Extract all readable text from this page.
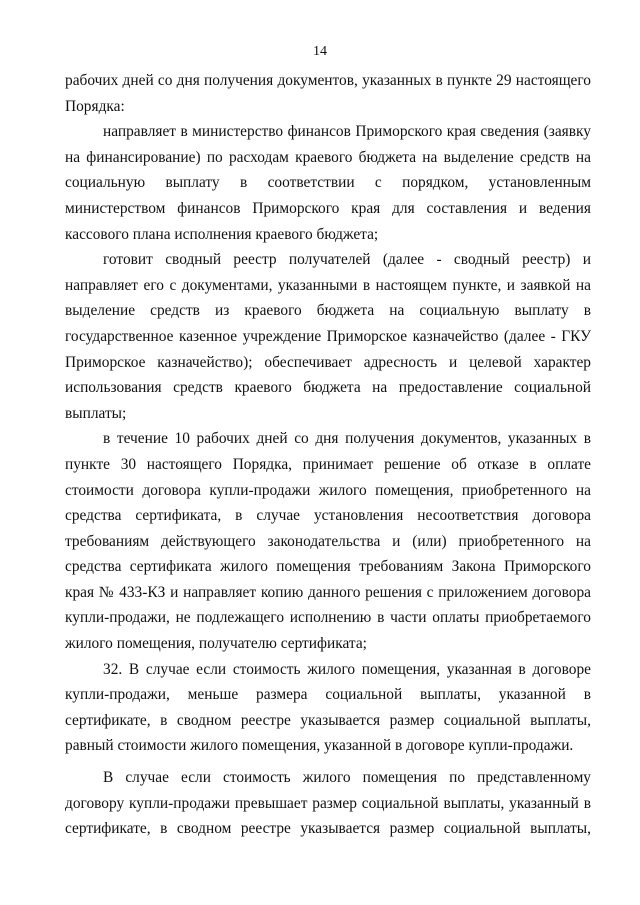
14
рабочих дней со дня получения документов, указанных в пункте 29 настоящего
Порядка:
направляет в министерство финансов Приморского края сведения (заявку
на финансирование) по расходам краевого бюджета на выделение средств на
социальную выплату в соответствии с порядком, установленным
министерством финансов Приморского края для составления и ведения
кассового плана исполнения краевого бюджета;
готовит сводный реестр получателей (далее - сводный реестр) и
направляет его с документами, указанными в настоящем пункте, и заявкой на
выделение средств из краевого бюджета на социальную выплату в
государственное казенное учреждение Приморское казначейство (далее - ГКУ
Приморское казначейство); обеспечивает адресность и целевой характер
использования средств краевого бюджета на предоставление социальной
выплаты;
в течение 10 рабочих дней со дня получения документов, указанных в
пункте 30 настоящего Порядка, принимает решение об отказе в оплате
стоимости договора купли-продажи жилого помещения, приобретенного на
средства сертификата, в случае установления несоответствия договора
требованиям действующего законодательства и (или) приобретенного на
средства сертификата жилого помещения требованиям Закона Приморского
края № 433-КЗ и направляет копию данного решения с приложением договора
купли-продажи, не подлежащего исполнению в части оплаты приобретаемого
жилого помещения, получателю сертификата;
32. В случае если стоимость жилого помещения, указанная в договоре
купли-продажи, меньше размера социальной выплаты, указанной в
сертификате, в сводном реестре указывается размер социальной выплаты,
равный стоимости жилого помещения, указанной в договоре купли-продажи.
В случае если стоимость жилого помещения по представленному
договору купли-продажи превышает размер социальной выплаты, указанный в
сертификате, в сводном реестре указывается размер социальной выплаты,
